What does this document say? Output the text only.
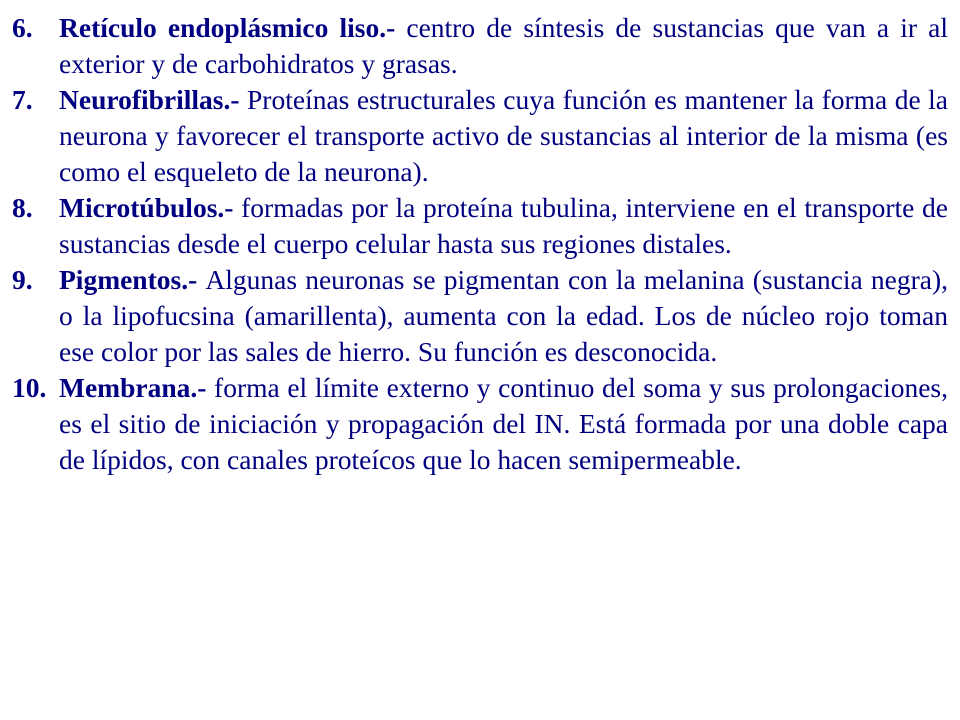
6. Retículo endoplásmico liso.- centro de síntesis de sustancias que van a ir al exterior y de carbohidratos y grasas.
7. Neurofibrillas.- Proteínas estructurales cuya función es mantener la forma de la neurona y favorecer el transporte activo de sustancias al interior de la misma (es como el esqueleto de la neurona).
8. Microtúbulos.- formadas por la proteína tubulina, interviene en el transporte de sustancias desde el cuerpo celular hasta sus regiones distales.
9. Pigmentos.- Algunas neuronas se pigmentan con la melanina (sustancia negra), o la lipofucsina (amarillenta), aumenta con la edad. Los de núcleo rojo toman ese color por las sales de hierro. Su función es desconocida.
10. Membrana.- forma el límite externo y continuo del soma y sus prolongaciones, es el sitio de iniciación y propagación del IN. Está formada por una doble capa de lípidos, con canales proteícos que lo hacen semipermeable.
